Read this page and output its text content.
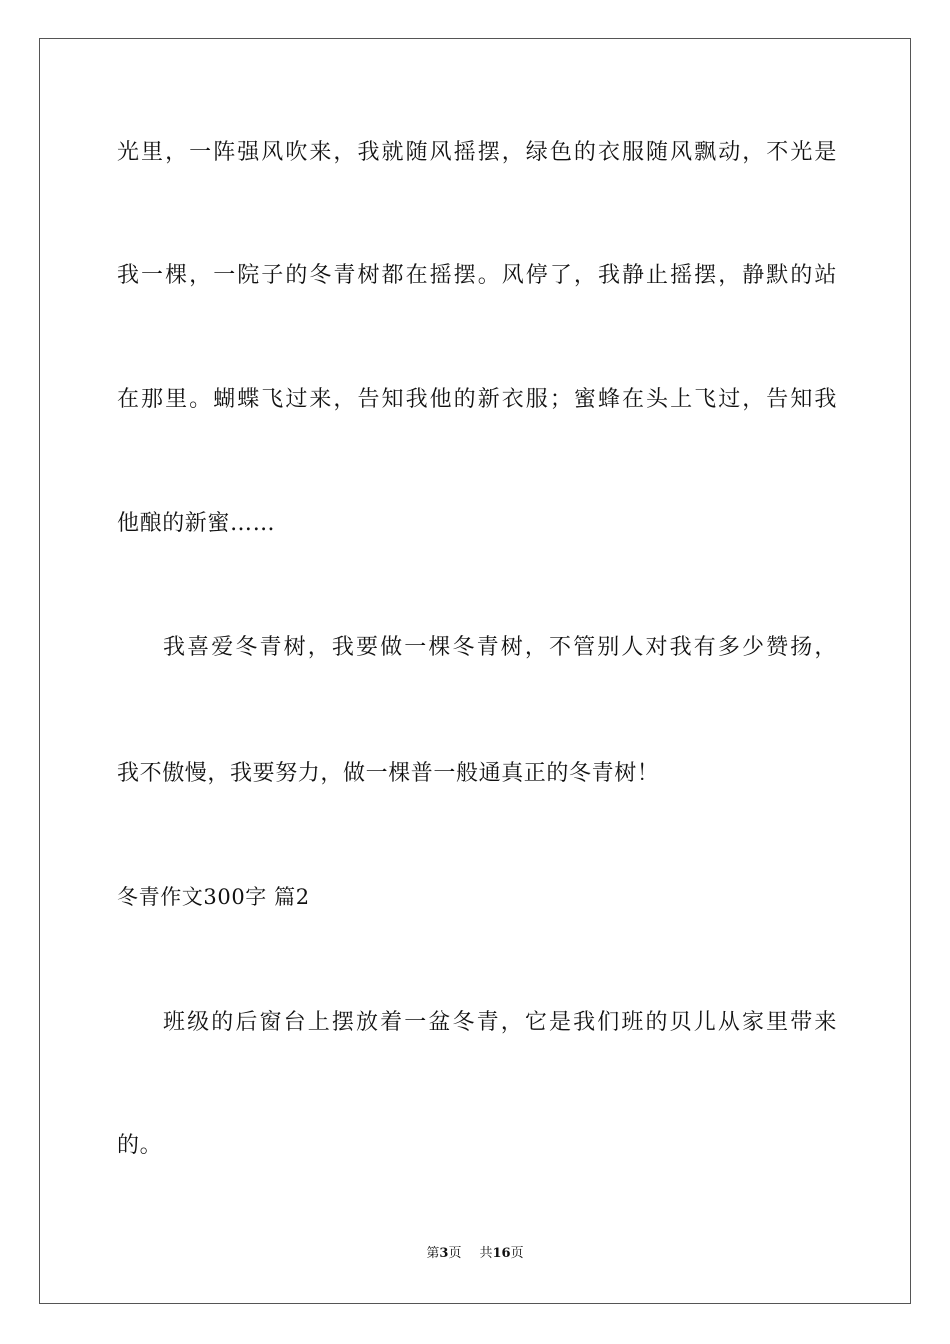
光里，一阵强风吹来，我就随风摇摆，绿色的衣服随风飘动，不光是
我一棵，一院子的冬青树都在摇摆。风停了，我静止摇摆，静默的站
在那里。蝴蝶飞过来，告知我他的新衣服；蜜蜂在头上飞过，告知我
他酿的新蜜……
我喜爱冬青树，我要做一棵冬青树，不管别人对我有多少赞扬，
我不傲慢，我要努力，做一棵普一般通真正的冬青树！
冬青作文300字 篇2
班级的后窗台上摆放着一盆冬青，它是我们班的贝儿从家里带来
的。
第3页 共16页
